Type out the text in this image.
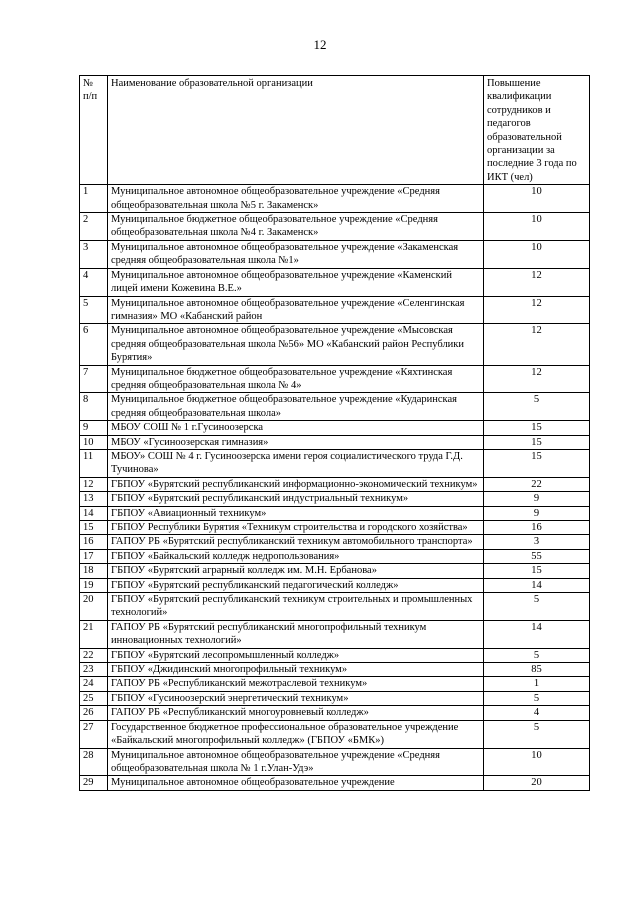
12
№ п/п	Наименование образовательной организации	Повышение квалификации сотрудников и педагогов образовательной организации за последние 3 года по ИКТ (чел)
1	Муниципальное автономное общеобразовательное учреждение «Средняя общеобразовательная школа №5 г. Закаменск»	10
2	Муниципальное бюджетное общеобразовательное учреждение «Средняя общеобразовательная школа №4 г. Закаменск»	10
3	Муниципальное автономное общеобразовательное учреждение «Закаменская средняя общеобразовательная школа №1»	10
4	Муниципальное автономное общеобразовательное учреждение «Каменский лицей имени Кожевина В.Е.»	12
5	Муниципальное автономное общеобразовательное учреждение «Селенгинская гимназия» МО «Кабанский район	12
6	Муниципальное автономное общеобразовательное учреждение «Мысовская средняя общеобразовательная школа №56» МО «Кабанский район Республики Бурятия»	12
7	Муниципальное бюджетное общеобразовательное учреждение «Кяхтинская средняя общеобразовательная школа № 4»	12
8	Муниципальное бюджетное общеобразовательное учреждение «Кударинская средняя общеобразовательная школа»	5
9	МБОУ СОШ № 1 г.Гусиноозерска	15
10	МБОУ «Гусиноозерская гимназия»	15
11	МБОУ» СОШ № 4 г. Гусиноозерска имени героя социалистического труда Г.Д. Тучинова»	15
12	ГБПОУ «Бурятский республиканский информационно-экономический техникум»	22
13	ГБПОУ «Бурятский республиканский индустриальный техникум»	9
14	ГБПОУ «Авиационный техникум»	9
15	ГБПОУ Республики Бурятия «Техникум строительства и городского хозяйства»	16
16	ГАПОУ РБ «Бурятский республиканский техникум автомобильного транспорта»	3
17	ГБПОУ «Байкальский колледж недропользования»	55
18	ГБПОУ «Бурятский аграрный колледж им. М.Н. Ербанова»	15
19	ГБПОУ «Бурятский республиканский педагогический колледж»	14
20	ГБПОУ «Бурятский республиканский техникум строительных и промышленных технологий»	5
21	ГАПОУ РБ «Бурятский республиканский многопрофильный техникум инновационных технологий»	14
22	ГБПОУ «Бурятский лесопромышленный колледж»	5
23	ГБПОУ «Джидинский многопрофильный техникум»	85
24	ГАПОУ РБ «Республиканский межотраслевой техникум»	1
25	ГБПОУ «Гусиноозерский энергетический техникум»	5
26	ГАПОУ РБ «Республиканский многоуровневый колледж»	4
27	Государственное бюджетное профессиональное образовательное учреждение «Байкальский многопрофильный колледж» (ГБПОУ «БМК»)	5
28	Муниципальное автономное общеобразовательное учреждение «Средняя общеобразовательная школа № 1 г.Улан-Удэ»	10
29	Муниципальное автономное общеобразовательное учреждение	20
